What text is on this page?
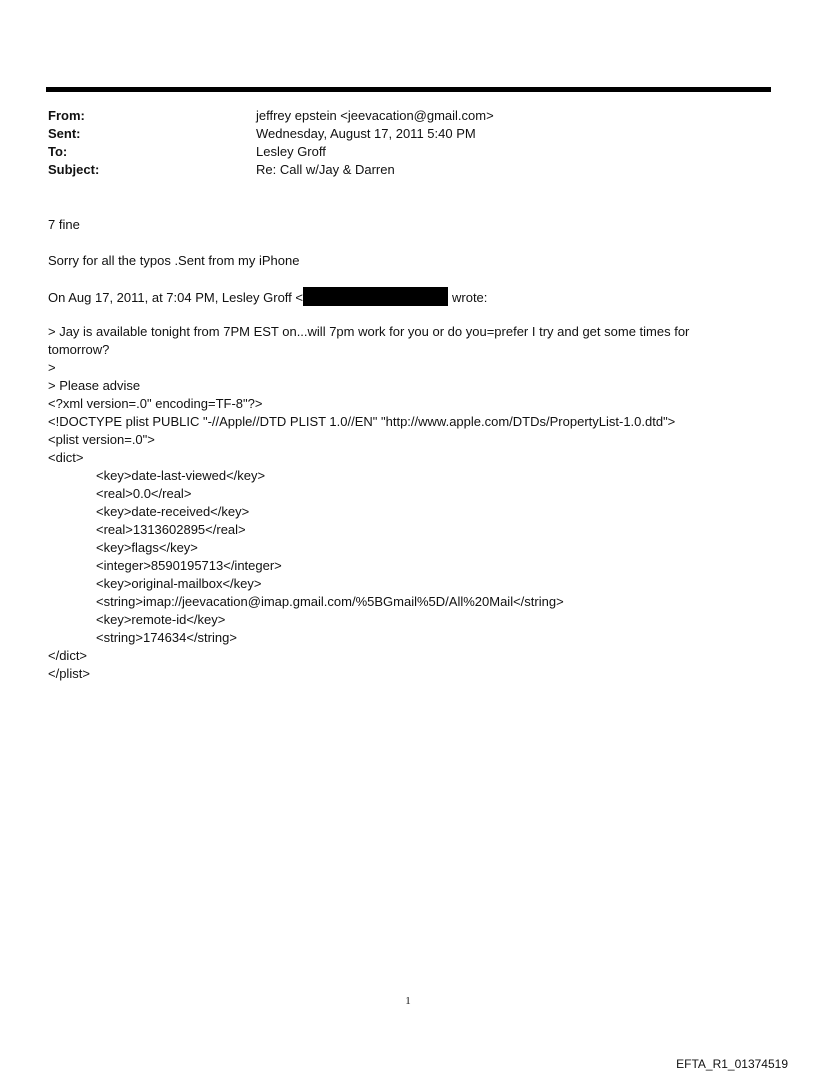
From:	jeffrey epstein <jeevacation@gmail.com>
Sent:	Wednesday, August 17, 2011 5:40 PM
To:	Lesley Groff
Subject:	Re: Call w/Jay & Darren
7 fine
Sorry for all the typos .Sent from my iPhone
On Aug 17, 2011, at 7:04 PM, Lesley Groff <	wrote:
> Jay is available tonight from 7PM EST on...will 7pm work for you or do you=prefer I try and get some times for tomorrow?
>
> Please advise
<?xml version=.0" encoding=TF-8"?>
<!DOCTYPE plist PUBLIC "-//Apple//DTD PLIST 1.0//EN" "http://www.apple.com/DTDs/PropertyList-1.0.dtd">
<plist version=.0">
<dict>
<key>date-last-viewed</key>
<real>0.0</real>
<key>date-received</key>
<real>1313602895</real>
<key>flags</key>
<integer>8590195713</integer>
<key>original-mailbox</key>
<string>imap://jeevacation@imap.gmail.com/%5BGmail%5D/All%20Mail</string>
<key>remote-id</key>
<string>174634</string>
</dict>
</plist>
1
EFTA_R1_01374519
